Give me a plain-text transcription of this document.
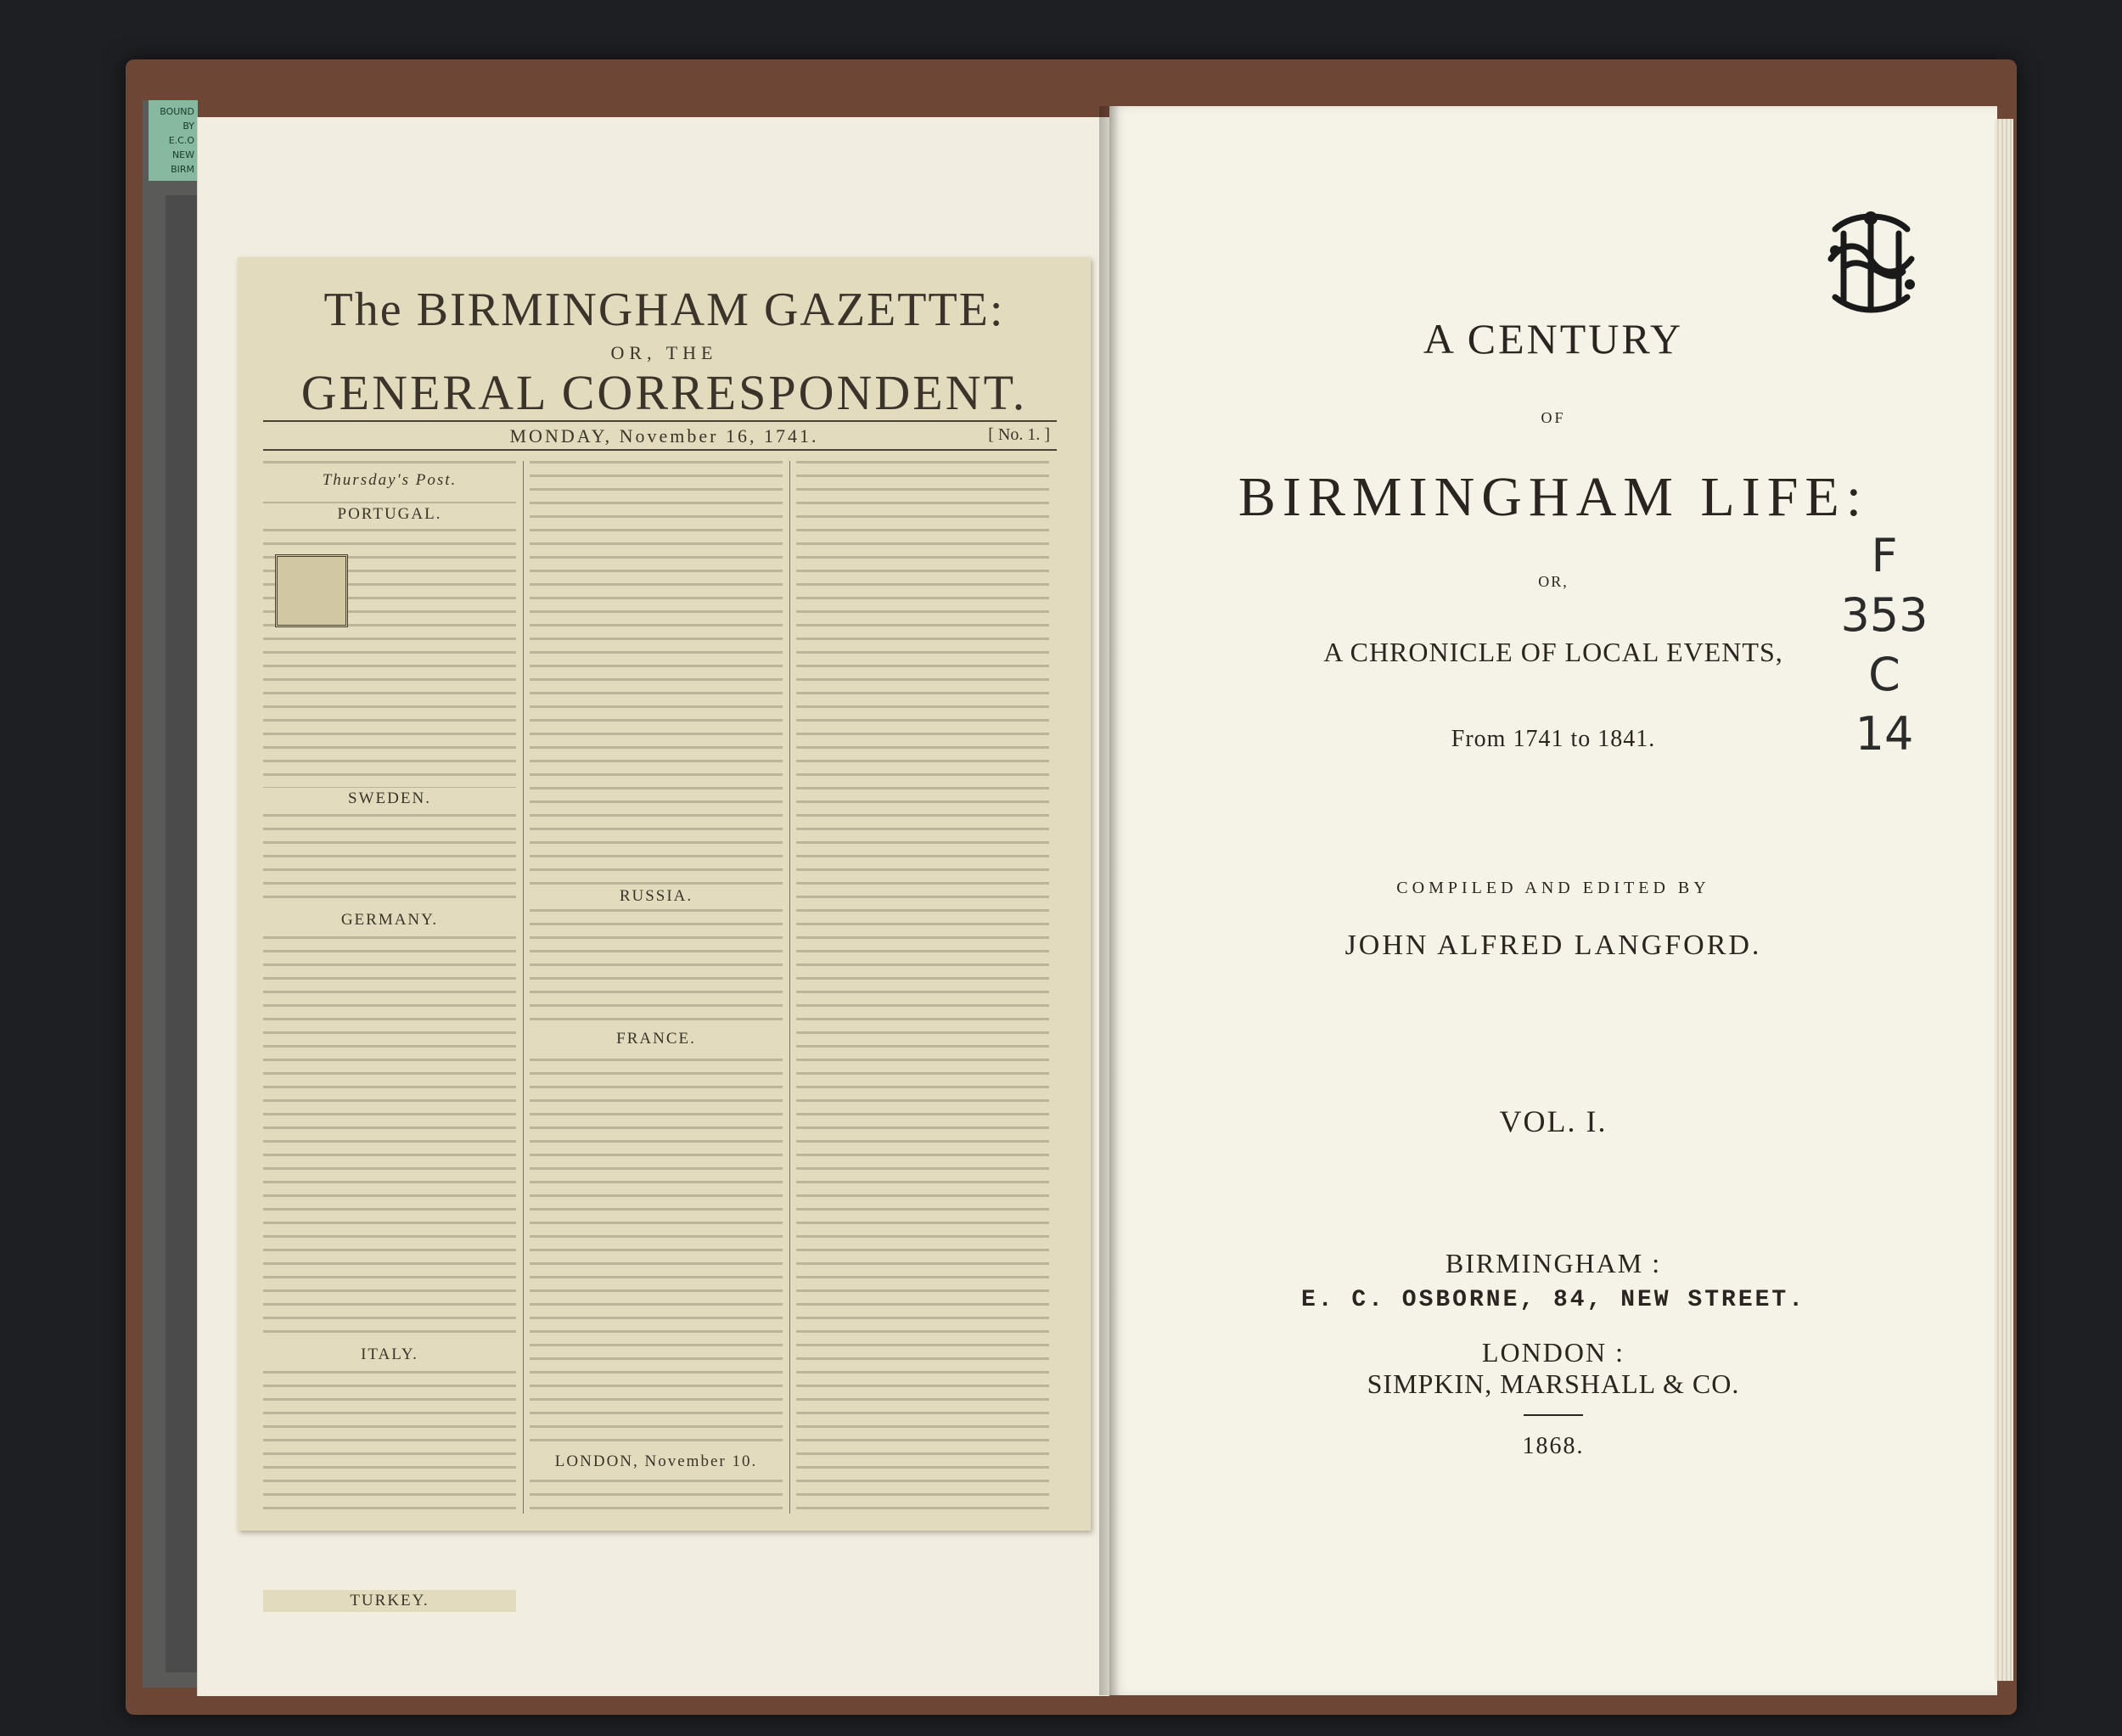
BOUND BY
E.C.O
NEW
BIRM
The BIRMINGHAM GAZETTE:
OR, THE
GENERAL CORRESPONDENT.
MONDAY, November 16, 1741.	[ No. 1. ]
Thursday's Post.
PORTUGAL.
SWEDEN.
GERMANY.
ITALY.
TURKEY.
RUSSIA.
FRANCE.
LONDON, November 10.
A CENTURY
OF
BIRMINGHAM LIFE:
OR,
A CHRONICLE OF LOCAL EVENTS,
From 1741 to 1841.
COMPILED AND EDITED BY
JOHN ALFRED LANGFORD.
VOL. I.
BIRMINGHAM :
E. C. OSBORNE, 84, NEW STREET.
LONDON :
SIMPKIN, MARSHALL & CO.
1868.
F
353
C
14
